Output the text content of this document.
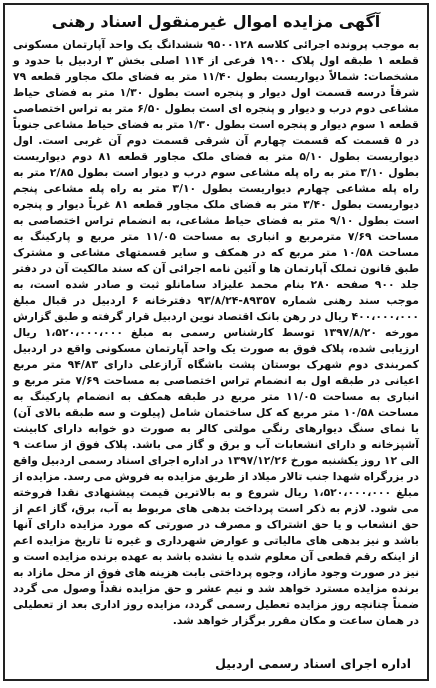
آگهی مزایده اموال غیرمنقول اسناد رهنی

به موجب پرونده اجرائی کلاسه ۹۵۰۰۱۲۸ ششدانگ یک واحد آپارتمان مسکونی قطعه ۱ طبقه اول پلاک ۱۹۰۰ فرعی از ۱۱۴ اصلی بخش ۳ اردبیل با حدود و مشخصات: شمالاً دیواریست بطول ۱۱/۴۰ متر به فضای ملک مجاور قطعه ۷۹ شرقاً درسه قسمت اول دیوار و پنجره است بطول ۱/۳۰ متر به فضای حیاط مشاعی دوم درب و دیوار و پنجره ای است بطول ۶/۵۰ متر به تراس اختصاصی قطعه ۱ سوم دیوار و پنجره است بطول ۱/۳۰ متر به فضای حیاط مشاعی جنوباً در ۵ قسمت که قسمت چهارم آن شرقی قسمت دوم آن غربی است. اول دیواریست بطول ۵/۱۰ متر به فضای ملک مجاور قطعه ۸۱ دوم دیواریست بطول ۳/۱۰ متر به راه پله مشاعی سوم درب و دیوار است بطول ۲/۸۵ متر به راه پله مشاعی چهارم دیواریست بطول ۳/۱۰ متر به راه پله مشاعی پنجم دیواریست بطول ۳/۴۰ متر به فضای ملک مجاور قطعه ۸۱ غرباً دیوار و پنجره است بطول ۹/۱۰ متر به فضای حیاط مشاعی، به انضمام تراس اختصاصی به مساحت ۷/۶۹ مترمربع و انباری به مساحت ۱۱/۰۵ متر مربع و پارکینگ به مساحت ۱۰/۵۸ متر مربع که در همکف و سایر قسمتهای مشاعی و مشترک طبق قانون تملک آپارتمان ها و آئین نامه اجرائی آن که سند مالکیت آن در دفتر جلد ۹۰۰ صفحه ۲۸۰ بنام محمد علیزاد سامانلو ثبت و صادر شده است، به موجب سند رهنی شماره ۸۹۳۵۷-۹۳/۸/۲۴ دفترخانه ۶ اردبیل در قبال مبلغ ۴۰۰،۰۰۰،۰۰۰ ریال در رهن بانک اقتصاد نوین اردبیل قرار گرفته و طبق گزارش مورخه ۱۳۹۷/۸/۲۰ توسط کارشناس رسمی به مبلغ ۱،۵۲۰،۰۰۰،۰۰۰ ریال ارزیابی شده، پلاک فوق به صورت یک واحد آپارتمان مسکونی واقع در اردبیل کمربندی دوم شهرک بوستان پشت باشگاه آرازعلی دارای ۹۴/۸۳ متر مربع اعیانی در طبقه اول به انضمام تراس اختصاصی به مساحت ۷/۶۹ متر مربع و انباری به مساحت ۱۱/۰۵ متر مربع در طبقه همکف به انضمام پارکینگ به مساحت ۱۰/۵۸ متر مربع که کل ساختمان شامل (پیلوت و سه طبقه بالای آن) با نمای سنگ دیوارهای رنگی مولتی کالر به صورت دو خوابه دارای کابینت آشپزخانه و دارای انشعابات آب و برق و گاز می باشد. پلاک فوق از ساعت ۹ الی ۱۲ روز یکشنبه مورخ ۱۳۹۷/۱۲/۲۶ در اداره اجرای اسناد رسمی اردبیل واقع در بزرگراه شهدا جنب تالار میلاد از طریق مزایده به فروش می رسد. مزایده از مبلغ ۱،۵۲۰،۰۰۰،۰۰۰ ریال شروع و به بالاترین قیمت پیشنهادی نقدا فروخته می شود. لازم به ذکر است پرداخت بدهی های مربوط به آب، برق، گاز اعم از حق انشعاب و یا حق اشتراک و مصرف در صورتی که مورد مزایده دارای آنها باشد و نیز بدهی های مالیاتی و عوارض شهرداری و غیره تا تاریخ مزایده اعم از اینکه رقم قطعی آن معلوم شده یا نشده باشد به عهده برنده مزایده است و نیز در صورت وجود مازاد، وجوه پرداختی بابت هزینه های فوق از محل مازاد به برنده مزایده مسترد خواهد شد و نیم عشر و حق مزایده نقداً وصول می گردد ضمناً چنانچه روز مزایده تعطیل رسمی گردد، مزایده روز اداری بعد از تعطیلی در همان ساعت و مکان مقرر برگزار خواهد شد.

اداره اجرای اسناد رسمی اردبیل
